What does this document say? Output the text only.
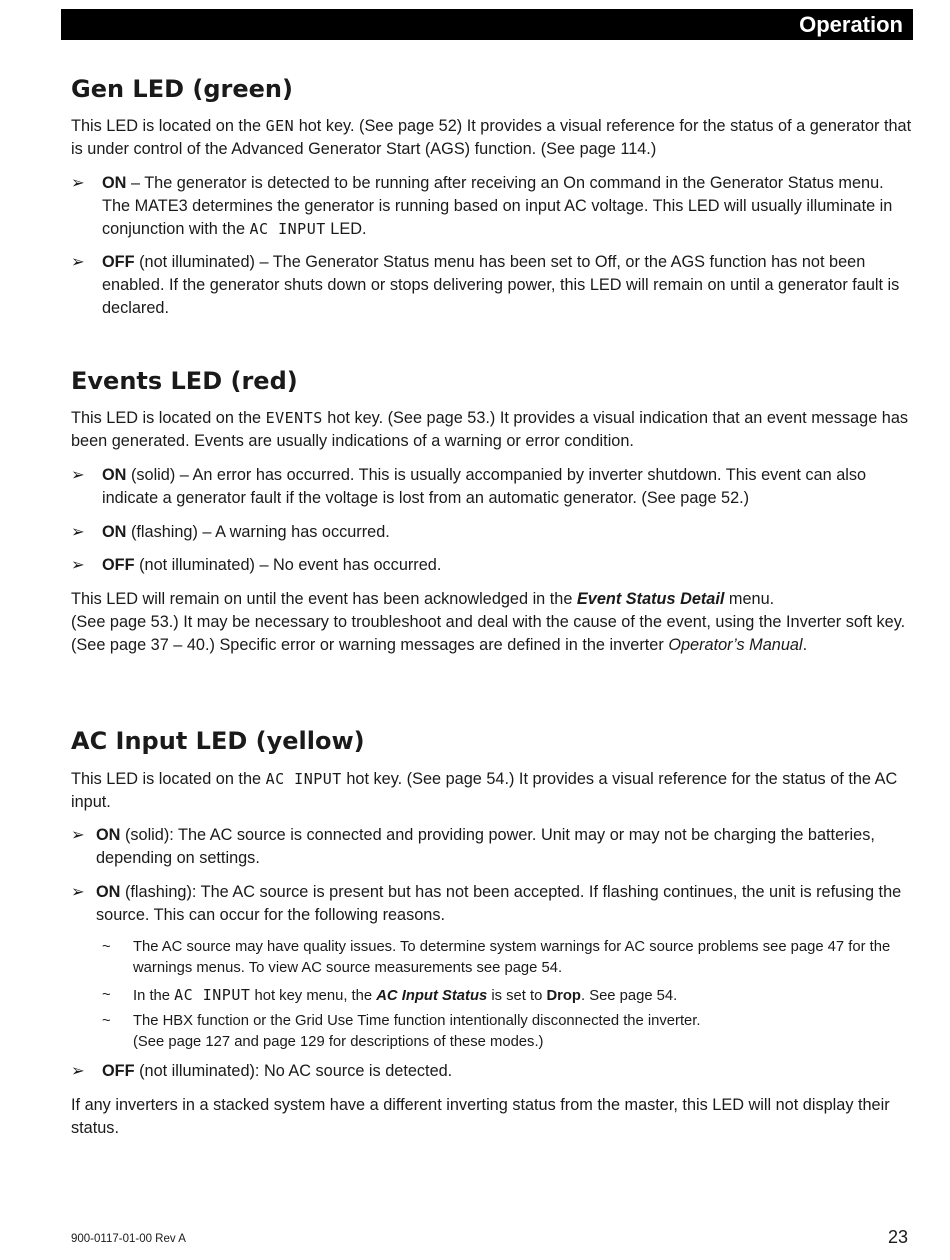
Operation
Gen LED (green)

This LED is located on the GEN hot key. (See page 52) It provides a visual reference for the status of a generator that is under control of the Advanced Generator Start (AGS) function. (See page 114.)

➢	ON – The generator is detected to be running after receiving an On command in the Generator Status menu. The MATE3 determines the generator is running based on input AC voltage. This LED will usually illuminate in conjunction with the AC INPUT LED.
➢	OFF (not illuminated) – The Generator Status menu has been set to Off, or the AGS function has not been enabled. If the generator shuts down or stops delivering power, this LED will remain on until a generator fault is declared.
Events LED (red)

This LED is located on the EVENTS hot key. (See page 53.) It provides a visual indication that an event message has been generated. Events are usually indications of a warning or error condition.

➢	ON (solid) – An error has occurred. This is usually accompanied by inverter shutdown. This event can also indicate a generator fault if the voltage is lost from an automatic generator. (See page 52.)
➢	ON (flashing) – A warning has occurred.
➢	OFF (not illuminated) – No event has occurred.

This LED will remain on until the event has been acknowledged in the Event Status Detail menu.
(See page 53.) It may be necessary to troubleshoot and deal with the cause of the event, using the Inverter soft key. (See page 37 – 40.) Specific error or warning messages are defined in the inverter Operator’s Manual.

AC Input LED (yellow)

This LED is located on the AC INPUT hot key. (See page 54.) It provides a visual reference for the status of the AC input.

➢ ON (solid): The AC source is connected and providing power. Unit may or may not be charging the batteries, depending on settings.
➢ ON (flashing): The AC source is present but has not been accepted. If flashing continues, the unit is refusing the source. This can occur for the following reasons.
~ The AC source may have quality issues. To determine system warnings for AC source problems see page 47 for the warnings menus. To view AC source measurements see page 54.
~ In the AC INPUT hot key menu, the AC Input Status is set to Drop. See page 54.
~ The HBX function or the Grid Use Time function intentionally disconnected the inverter.
(See page 127 and page 129 for descriptions of these modes.)
➢	OFF (not illuminated): No AC source is detected.

If any inverters in a stacked system have a different inverting status from the master, this LED will not display their status.

900-0117-01-00 Rev A	23
